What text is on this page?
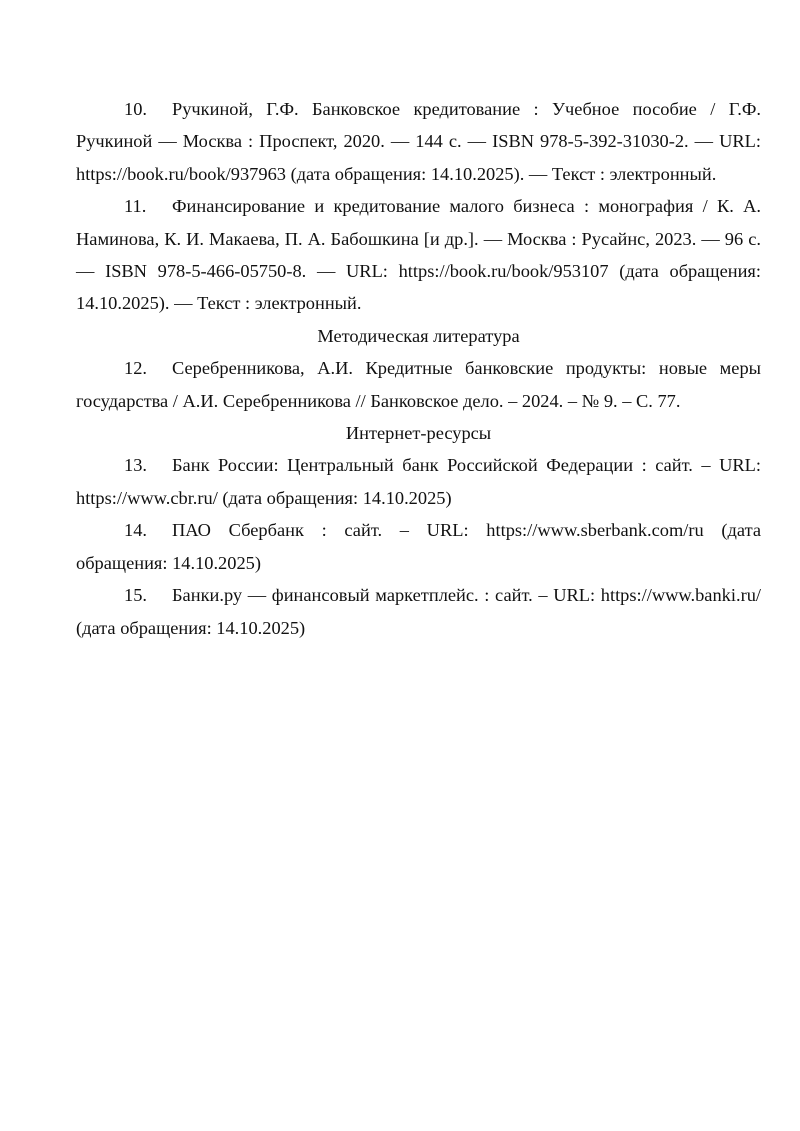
10. Ручкиной, Г.Ф. Банковское кредитование : Учебное пособие / Г.Ф. Ручкиной — Москва : Проспект, 2020. — 144 с. — ISBN 978-5-392-31030-2. — URL: https://book.ru/book/937963 (дата обращения: 14.10.2025). — Текст : электронный.

11. Финансирование и кредитование малого бизнеса : монография / К. А. Наминова, К. И. Макаева, П. А. Бабошкина [и др.]. — Москва : Русайнс, 2023. — 96 с. — ISBN 978-5-466-05750-8. — URL: https://book.ru/book/953107 (дата обращения: 14.10.2025). — Текст : электронный.

Методическая литература

12. Серебренникова, А.И. Кредитные банковские продукты: новые меры государства / А.И. Серебренникова // Банковское дело. – 2024. – № 9. – С. 77.

Интернет-ресурсы

13. Банк России: Центральный банк Российской Федерации : сайт. – URL: https://www.cbr.ru/ (дата обращения: 14.10.2025)

14. ПАО Сбербанк : сайт. – URL: https://www.sberbank.com/ru (дата обращения: 14.10.2025)

15. Банки.ру — финансовый маркетплейс. : сайт. – URL: https://www.banki.ru/ (дата обращения: 14.10.2025)
